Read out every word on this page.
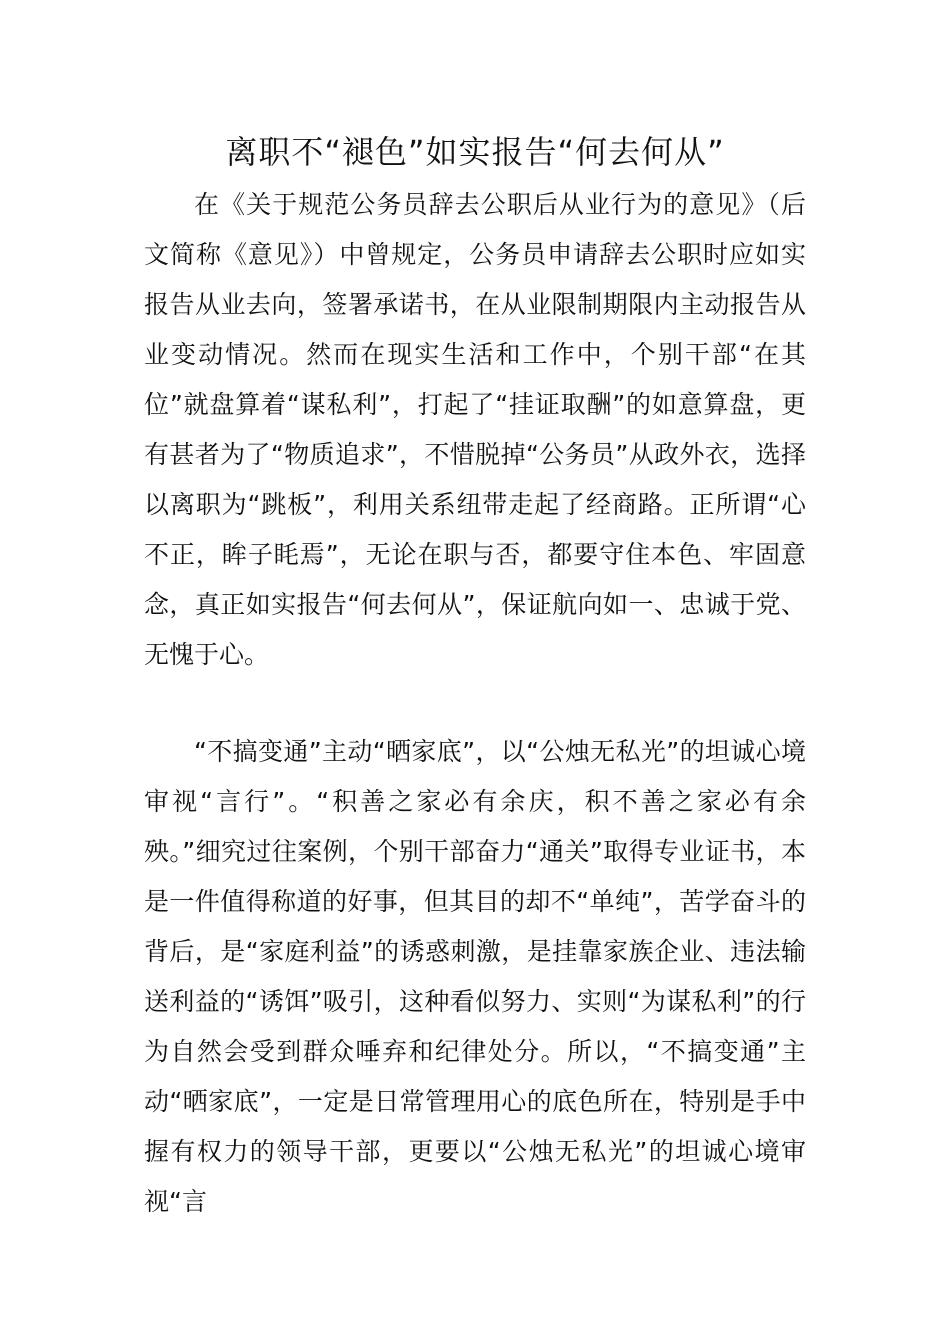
离职不“褪色”如实报告“何去何从”

在《关于规范公务员辞去公职后从业行为的意见》（后文简称《意见》）中曾规定，公务员申请辞去公职时应如实报告从业去向，签署承诺书，在从业限制期限内主动报告从业变动情况。然而在现实生活和工作中，个别干部“在其位”就盘算着“谋私利”，打起了“挂证取酬”的如意算盘，更有甚者为了“物质追求”，不惜脱掉“公务员”从政外衣，选择以离职为“跳板”，利用关系纽带走起了经商路。正所谓“心不正，眸子眊焉”，无论在职与否，都要守住本色、牢固意念，真正如实报告“何去何从”，保证航向如一、忠诚于党、无愧于心。

“不搞变通”主动“晒家底”，以“公烛无私光”的坦诚心境审视“言行”。“积善之家必有余庆，积不善之家必有余殃。”细究过往案例，个别干部奋力“通关”取得专业证书，本是一件值得称道的好事，但其目的却不“单纯”，苦学奋斗的背后，是“家庭利益”的诱惑刺激，是挂靠家族企业、违法输送利益的“诱饵”吸引，这种看似努力、实则“为谋私利”的行为自然会受到群众唾弃和纪律处分。所以，“不搞变通”主动“晒家底”，一定是日常管理用心的底色所在，特别是手中握有权力的领导干部，更要以“公烛无私光”的坦诚心境审视“言
